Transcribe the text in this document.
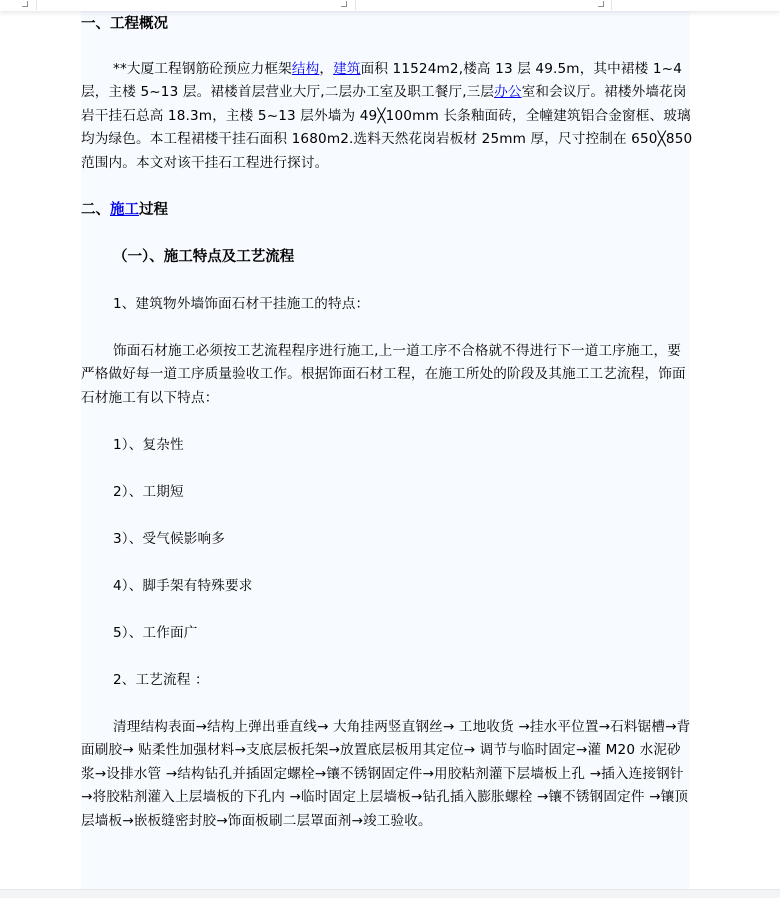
一、工程概况

**大厦工程钢筋砼预应力框架结构，建筑面积 11524m2,楼高 13 层 49.5m，其中裙楼 1~4 层，主楼 5~13 层。裙楼首层营业大厅,二层办工室及职工餐厅,三层办公室和会议厅。裙楼外墙花岗岩干挂石总高 18.3m，主楼 5~13 层外墙为 49╳100mm 长条釉面砖，全幢建筑铝合金窗框、玻璃均为绿色。本工程裙楼干挂石面积 1680m2.选料天然花岗岩板材 25mm 厚，尺寸控制在 650╳850 范围内。本文对该干挂石工程进行探讨。

二、施工过程
（一）、施工特点及工艺流程

1、建筑物外墙饰面石材干挂施工的特点：

饰面石材施工必须按工艺流程程序进行施工,上一道工序不合格就不得进行下一道工序施工，要严格做好每一道工序质量验收工作。根据饰面石材工程，在施工所处的阶段及其施工工艺流程，饰面石材施工有以下特点：

1）、复杂性

2）、工期短

3）、受气候影响多

4）、脚手架有特殊要求

5）、工作面广

2、工艺流程 ：

清理结构表面→结构上弹出垂直线→ 大角挂两竖直钢丝→ 工地收货 →挂水平位置→石料锯槽→背面刷胶→ 贴柔性加强材料→支底层板托架→放置底层板用其定位→ 调节与临时固定→灌 M20 水泥砂浆→设排水管 →结构钻孔并插固定螺栓→镶不锈钢固定件→用胶粘剂灌下层墙板上孔 →插入连接钢针→将胶粘剂灌入上层墙板的下孔内 →临时固定上层墙板→钻孔插入膨胀螺栓 →镶不锈钢固定件 →镶顶层墙板→嵌板缝密封胶→饰面板刷二层罩面剂→竣工验收。
